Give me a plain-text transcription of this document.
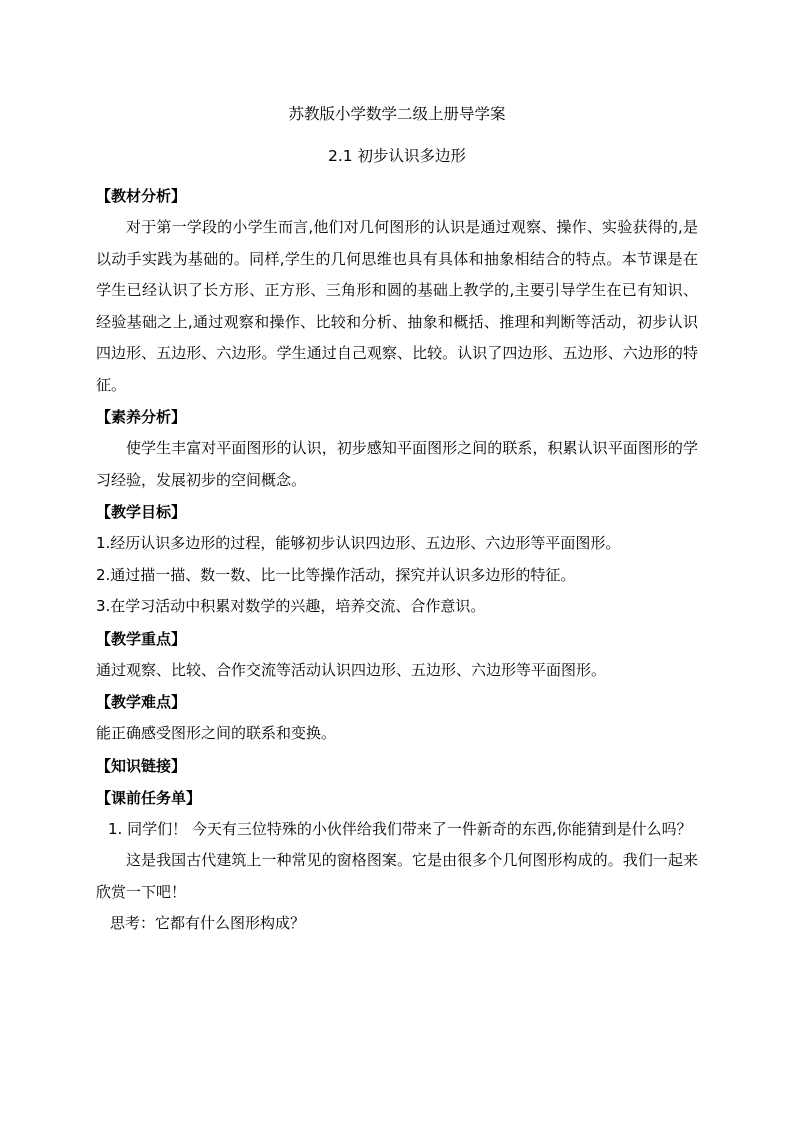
苏教版小学数学二级上册导学案

2.1 初步认识多边形

【教材分析】

对于第一学段的小学生而言,他们对几何图形的认识是通过观察、操作、实验获得的,是以动手实践为基础的。同样,学生的几何思维也具有具体和抽象相结合的特点。本节课是在学生已经认识了长方形、正方形、三角形和圆的基础上教学的,主要引导学生在已有知识、经验基础之上,通过观察和操作、比较和分析、抽象和概括、推理和判断等活动，初步认识四边形、五边形、六边形。学生通过自己观察、比较。认识了四边形、五边形、六边形的特征。

【素养分析】

使学生丰富对平面图形的认识，初步感知平面图形之间的联系，积累认识平面图形的学习经验，发展初步的空间概念。

【教学目标】

1.经历认识多边形的过程，能够初步认识四边形、五边形、六边形等平面图形。

2.通过描一描、数一数、比一比等操作活动，探究并认识多边形的特征。

3.在学习活动中积累对数学的兴趣，培养交流、合作意识。

【教学重点】

通过观察、比较、合作交流等活动认识四边形、五边形、六边形等平面图形。

【教学难点】

能正确感受图形之间的联系和变换。

【知识链接】

【课前任务单】

1. 同学们！ 今天有三位特殊的小伙伴给我们带来了一件新奇的东西,你能猜到是什么吗？

这是我国古代建筑上一种常见的窗格图案。它是由很多个几何图形构成的。我们一起来欣赏一下吧！

思考：它都有什么图形构成？
